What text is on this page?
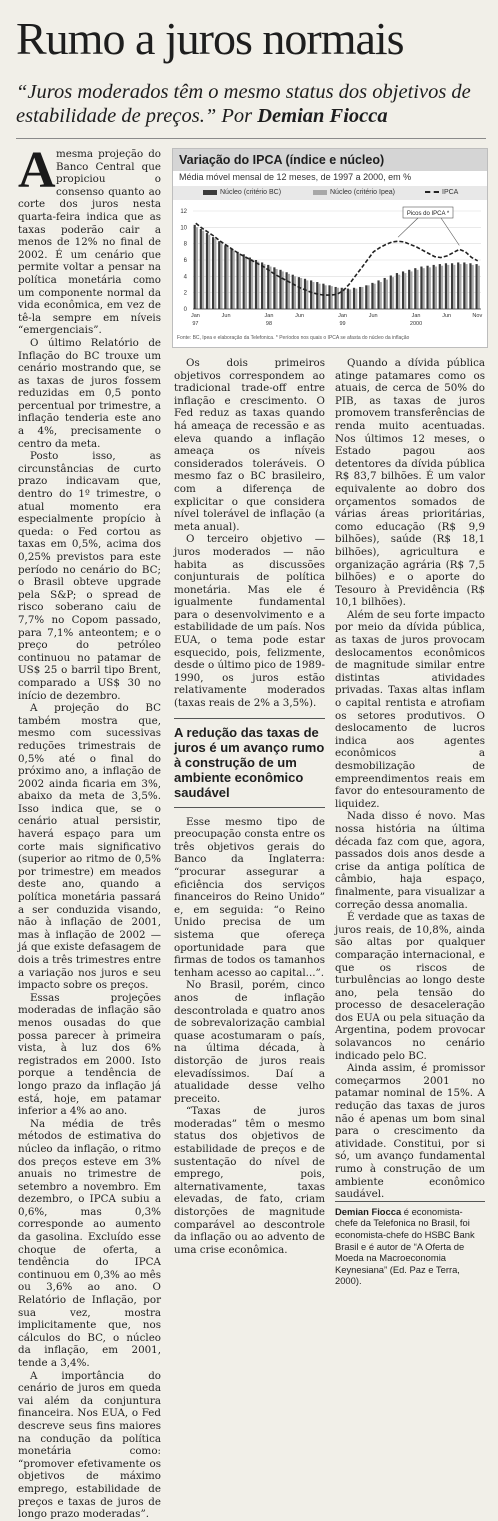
Rumo a juros normais
“Juros moderados têm o mesmo status dos objetivos de estabilidade de preços.” Por Demian Fiocca
A mesma projeção do Banco Central que propiciou o consenso quanto ao corte dos juros nesta quarta-feira indica que as taxas poderão cair a menos de 12% no final de 2002. É um cenário que permite voltar a pensar na política monetária como um componente normal da vida econômica, em vez de tê-la sempre em níveis “emergenciais”.

O último Relatório de Inflação do BC trouxe um cenário mostrando que, se as taxas de juros fossem reduzidas em 0,5 ponto percentual por trimestre, a inflação tenderia este ano a 4%, precisamente o centro da meta.

Posto isso, as circunstâncias de curto prazo indicavam que, dentro do 1º trimestre, o atual momento era especialmente propício à queda: o Fed cortou as taxas em 0,5%, acima dos 0,25% previstos para este período no cenário do BC; o Brasil obteve upgrade pela S&P; o spread de risco soberano caiu de 7,7% no Copom passado, para 7,1% anteontem; e o preço do petróleo continuou no patamar de US$ 25 o barril tipo Brent, comparado a US$ 30 no início de dezembro.

A projeção do BC também mostra que, mesmo com sucessivas reduções trimestrais de 0,5% até o final do próximo ano, a inflação de 2002 ainda ficaria em 3%, abaixo da meta de 3,5%. Isso indica que, se o cenário atual persistir, haverá espaço para um corte mais significativo (superior ao ritmo de 0,5% por trimestre) em meados deste ano, quando a política monetária passará a ser conduzida visando, não à inflação de 2001, mas à inflação de 2002 — já que existe defasagem de dois a três trimestres entre a variação nos juros e seu impacto sobre os preços.

Essas projeções moderadas de inflação são menos ousadas do que possa parecer à primeira vista, à luz dos 6% registrados em 2000. Isto porque a tendência de longo prazo da inflação já está, hoje, em patamar inferior a 4% ao ano.

Na média de três métodos de estimativa do núcleo da inflação, o ritmo dos preços esteve em 3% anuais no trimestre de setembro a novembro. Em dezembro, o IPCA subiu a 0,6%, mas 0,3% corresponde ao aumento da gasolina. Excluído esse choque de oferta, a tendência do IPCA continuou em 0,3% ao mês ou 3,6% ao ano. O Relatório de Inflação, por sua vez, mostra implicitamente que, nos cálculos do BC, o núcleo da inflação, em 2001, tende a 3,4%.

A importância do cenário de juros em queda vai além da conjuntura financeira. Nos EUA, o Fed descreve seus fins maiores na condução da política monetária como: “promover efetivamente os objetivos de máximo emprego, estabilidade de preços e taxas de juros de longo prazo moderadas”.

Variação do IPCA (índice e núcleo)
Média móvel mensal de 12 meses, de 1997 a 2000, em %
Núcleo (critério BC)	Núcleo (critério Ipea)	IPCA
0
2
4
6
8
10
12	Picos do IPCA *
Jan	Jun	Jan	Jun	Jan	Jun	Jan	Jun	Nov
97	98	99	2000
Fonte: BC, Ipea e elaboração da Telefonica. * Períodos nos quais o IPCA se afasta do núcleo da inflação

Os dois primeiros objetivos correspondem ao tradicional trade-off entre inflação e crescimento. O Fed reduz as taxas quando há ameaça de recessão e as eleva quando a inflação ameaça os níveis considerados toleráveis. O mesmo faz o BC brasileiro, com a diferença de explicitar o que considera nível tolerável de inflação (a meta anual).

O terceiro objetivo — juros moderados — não habita as discussões conjunturais de política monetária. Mas ele é igualmente fundamental para o desenvolvimento e a estabilidade de um país. Nos EUA, o tema pode estar esquecido, pois, felizmente, desde o último pico de 1989-1990, os juros estão relativamente moderados (taxas reais de 2% a 3,5%).

A redução das taxas de juros é um avanço rumo à construção de um ambiente econômico saudável

Esse mesmo tipo de preocupação consta entre os três objetivos gerais do Banco da Inglaterra: “procurar assegurar a eficiência dos serviços financeiros do Reino Unido” e, em seguida: “o Reino Unido precisa de um sistema que ofereça oportunidade para que firmas de todos os tamanhos tenham acesso ao capital...”.

No Brasil, porém, cinco anos de inflação descontrolada e quatro anos de sobrevalorização cambial quase acostumaram o país, na última década, à distorção de juros reais elevadíssimos. Daí a atualidade desse velho preceito.

“Taxas de juros moderadas” têm o mesmo status dos objetivos de estabilidade de preços e de sustentação do nível de emprego, pois, alternativamente, taxas elevadas, de fato, criam distorções de magnitude comparável ao descontrole da inflação ou ao advento de uma crise econômica.

Quando a dívida pública atinge patamares como os atuais, de cerca de 50% do PIB, as taxas de juros promovem transferências de renda muito acentuadas. Nos últimos 12 meses, o Estado pagou aos detentores da dívida pública R$ 83,7 bilhões. É um valor equivalente ao dobro dos orçamentos somados de várias áreas prioritárias, como educação (R$ 9,9 bilhões), saúde (R$ 18,1 bilhões), agricultura e organização agrária (R$ 7,5 bilhões) e o aporte do Tesouro à Previdência (R$ 10,1 bilhões).

Além de seu forte impacto por meio da dívida pública, as taxas de juros provocam deslocamentos econômicos de magnitude similar entre distintas atividades privadas. Taxas altas inflam o capital rentista e atrofiam os setores produtivos. O deslocamento de lucros indica aos agentes econômicos a desmobilização de empreendimentos reais em favor do entesouramento de liquidez.

Nada disso é novo. Mas nossa história na última década faz com que, agora, passados dois anos desde a crise da antiga política de câmbio, haja espaço, finalmente, para visualizar a correção dessa anomalia.

É verdade que as taxas de juros reais, de 10,8%, ainda são altas por qualquer comparação internacional, e que os riscos de turbulências ao longo deste ano, pela tensão do processo de desaceleração dos EUA ou pela situação da Argentina, podem provocar solavancos no cenário indicado pelo BC.

Ainda assim, é promissor começarmos 2001 no patamar nominal de 15%. A redução das taxas de juros não é apenas um bom sinal para o crescimento da atividade. Constitui, por si só, um avanço fundamental rumo à construção de um ambiente econômico saudável.

Demian Fiocca é economista-chefe da Telefonica no Brasil, foi economista-chefe do HSBC Bank Brasil e é autor de “A Oferta de Moeda na Macroeconomia Keynesiana” (Ed. Paz e Terra, 2000).
